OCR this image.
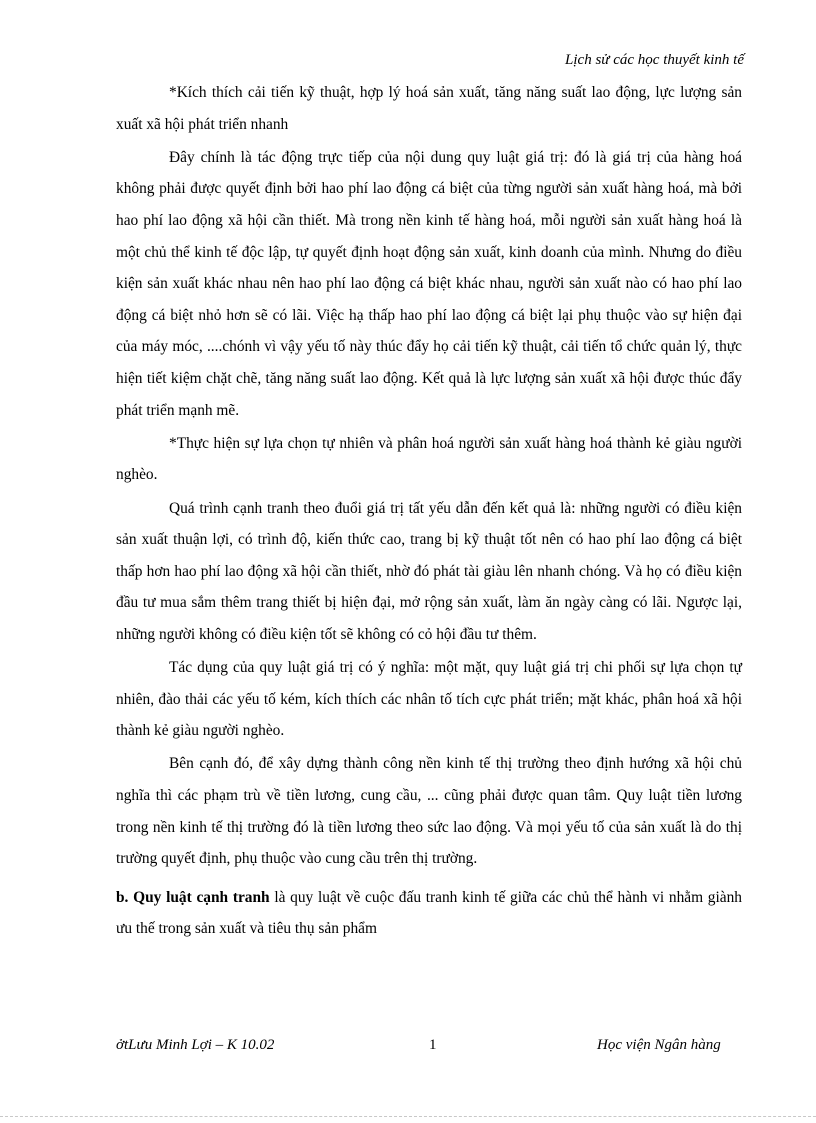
Lịch sử các học thuyết kinh tế

*Kích thích cải tiến kỹ thuật, hợp lý hoá sản xuất, tăng năng suất lao động, lực lượng sản xuất xã hội phát triển nhanh

Đây chính là tác động trực tiếp của nội dung quy luật giá trị: đó là giá trị của hàng hoá không phải được quyết định bởi hao phí lao động cá biệt của từng người sản xuất hàng hoá, mà bởi hao phí lao động xã hội cần thiết. Mà trong nền kinh tế hàng hoá, mỗi người sản xuất hàng hoá là một chủ thể kinh tế độc lập, tự quyết định hoạt động sản xuất, kinh doanh của mình. Nhưng do điều kiện sản xuất khác nhau nên hao phí lao động cá biệt khác nhau, người sản xuất nào có hao phí lao động cá biệt nhỏ hơn sẽ có lãi. Việc hạ thấp hao phí lao động cá biệt lại phụ thuộc vào sự hiện đại của máy móc, ....chónh vì vậy yếu tố này thúc đẩy họ cải tiến kỹ thuật, cải tiến tổ chức quản lý, thực hiện tiết kiệm chặt chẽ, tăng năng suất lao động. Kết quả là lực lượng sản xuất xã hội được thúc đẩy phát triển mạnh mẽ.

*Thực hiện sự lựa chọn tự nhiên và phân hoá người sản xuất hàng hoá thành kẻ giàu người nghèo.

Quá trình cạnh tranh theo đuổi giá trị tất yếu dẫn đến kết quả là: những người có điều kiện sản xuất thuận lợi, có trình độ, kiến thức cao, trang bị kỹ thuật tốt nên có hao phí lao động cá biệt thấp hơn hao phí lao động xã hội cần thiết, nhờ đó phát tài giàu lên nhanh chóng. Và họ có điều kiện đầu tư mua sắm thêm trang thiết bị hiện đại, mở rộng sản xuất, làm ăn ngày càng có lãi. Ngược lại, những người không có điều kiện tốt sẽ không có cỏ hội đầu tư thêm.

Tác dụng của quy luật giá trị có ý nghĩa: một mặt, quy luật giá trị chi phối sự lựa chọn tự nhiên, đào thải các yếu tố kém, kích thích các nhân tố tích cực phát triển; mặt khác, phân hoá xã hội thành kẻ giàu người nghèo.

Bên cạnh đó, để xây dựng thành công nền kinh tế thị trường theo định hướng xã hội chủ nghĩa thì các phạm trù về tiền lương, cung cầu, ... cũng phải được quan tâm. Quy luật tiền lương trong nền kinh tế thị trường đó là tiền lương theo sức lao động. Và mọi yếu tố của sản xuất là do thị trường quyết định, phụ thuộc vào cung cầu trên thị trường.

b. Quy luật cạnh tranh là quy luật về cuộc đấu tranh kinh tế giữa các chủ thể hành vi nhằm giành ưu thế trong sản xuất và tiêu thụ sản phẩm

ởtLưu Minh Lợi – K 10.02	1	Học viện Ngân hàng
